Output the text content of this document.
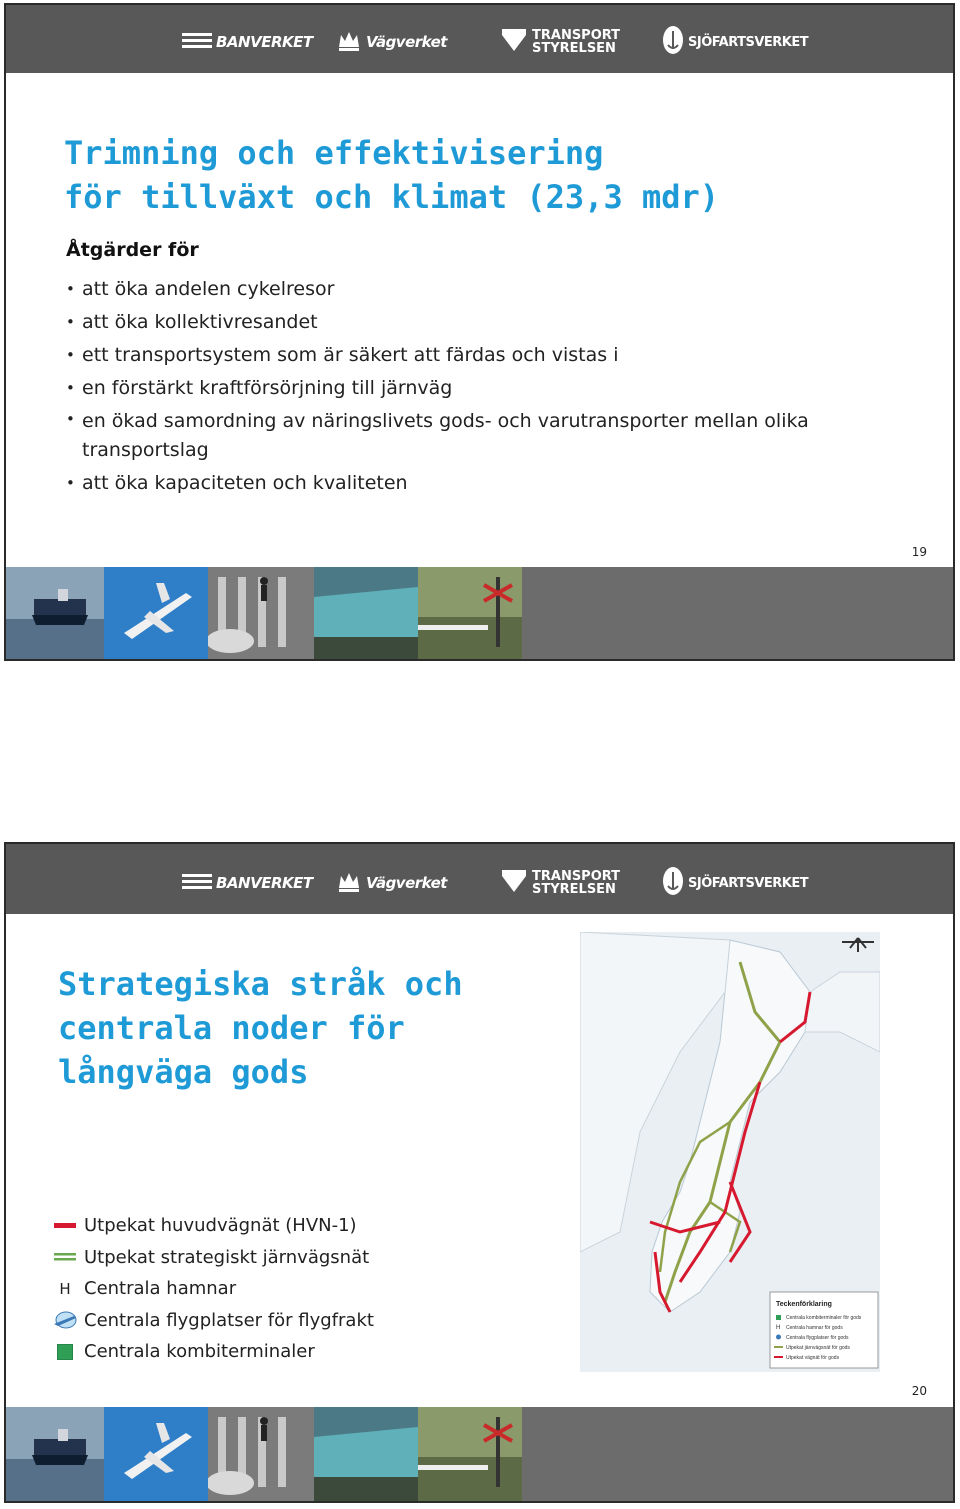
BANVERKET	Vägverket	TRANSPORT
STYRELSEN	SJÖFARTSVERKET
Trimning och effektivisering
för tillväxt och klimat (23,3 mdr)
Åtgärder för
• att öka andelen cykelresor
• att öka kollektivresandet
• ett transportsystem som är säkert att färdas och vistas i
• en förstärkt kraftförsörjning till järnväg
• en ökad samordning av näringslivets gods- och varutransporter mellan olika transportslag
• att öka kapaciteten och kvaliteten
19
BANVERKET	Vägverket	TRANSPORT
STYRELSEN	SJÖFARTSVERKET
20
Strategiska stråk och
centrala noder för
långväga gods
Utpekat huvudvägnät (HVN-1)
Utpekat strategiskt järnvägsnät
H Centrala hamnar
Centrala flygplatser för flygfrakt
Centrala kombiterminaler
Teckenförklaring
Centrala kombiterminaler för gods
Centrala hamnar för gods
Centrala flygplatser för gods
Utpekat järnvägsnät för gods
Utpekat vägnät för gods
H
